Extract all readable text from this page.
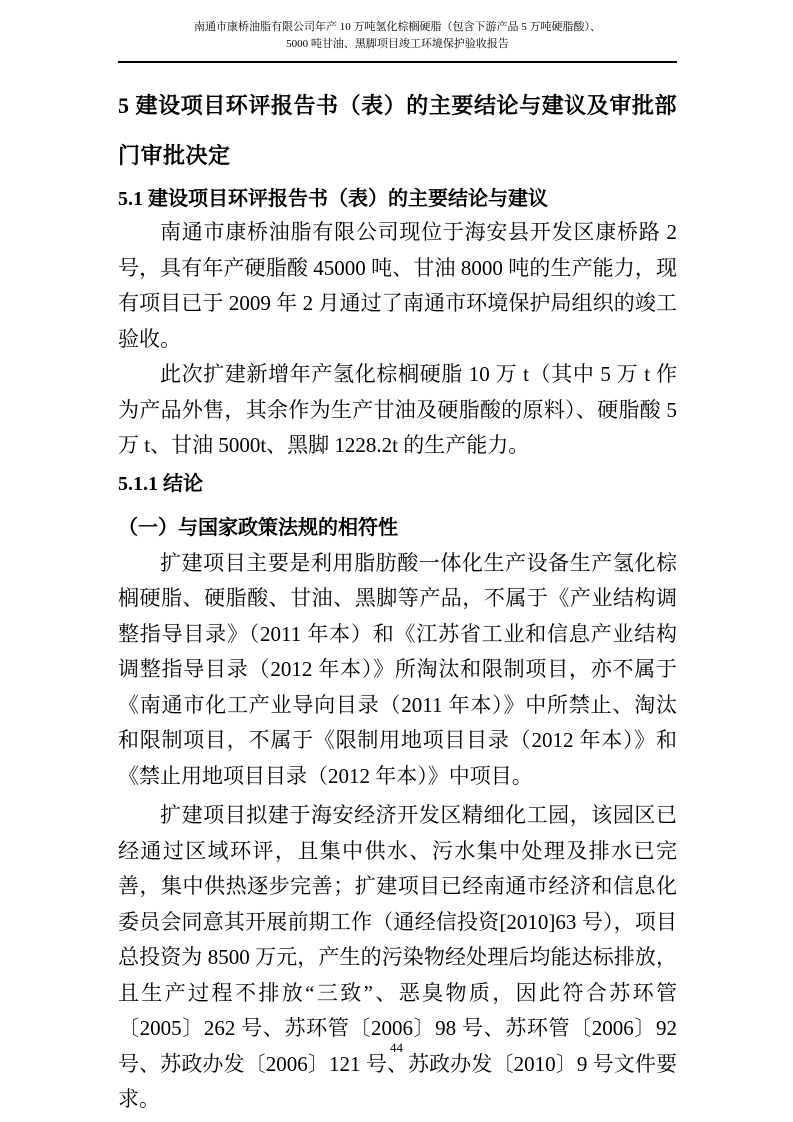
南通市康桥油脂有限公司年产 10 万吨氢化棕榈硬脂（包含下游产品 5 万吨硬脂酸）、
5000 吨甘油、黑脚项目竣工环境保护验收报告
5 建设项目环评报告书（表）的主要结论与建议及审批部门审批决定
5.1 建设项目环评报告书（表）的主要结论与建议

南通市康桥油脂有限公司现位于海安县开发区康桥路 2 号，具有年产硬脂酸 45000 吨、甘油 8000 吨的生产能力，现有项目已于 2009 年 2 月通过了南通市环境保护局组织的竣工验收。

此次扩建新增年产氢化棕榈硬脂 10 万 t（其中 5 万 t 作为产品外售，其余作为生产甘油及硬脂酸的原料）、硬脂酸 5 万 t、甘油 5000t、黑脚 1228.2t 的生产能力。

5.1.1 结论
（一）与国家政策法规的相符性

扩建项目主要是利用脂肪酸一体化生产设备生产氢化棕榈硬脂、硬脂酸、甘油、黑脚等产品，不属于《产业结构调整指导目录》（2011 年本）和《江苏省工业和信息产业结构调整指导目录（2012 年本）》所淘汰和限制项目，亦不属于《南通市化工产业导向目录（2011 年本）》中所禁止、淘汰和限制项目，不属于《限制用地项目目录（2012 年本）》和《禁止用地项目目录（2012 年本）》中项目。

扩建项目拟建于海安经济开发区精细化工园，该园区已经通过区域环评，且集中供水、污水集中处理及排水已完善，集中供热逐步完善；扩建项目已经南通市经济和信息化委员会同意其开展前期工作（通经信投资[2010]63 号），项目总投资为 8500 万元，产生的污染物经处理后均能达标排放，且生产过程不排放“三致”、恶臭物质，因此符合苏环管〔2005〕262 号、苏环管〔2006〕98 号、苏环管〔2006〕92 号、苏政办发〔2006〕121 号、苏政办发〔2010〕9 号文件要求。

44
